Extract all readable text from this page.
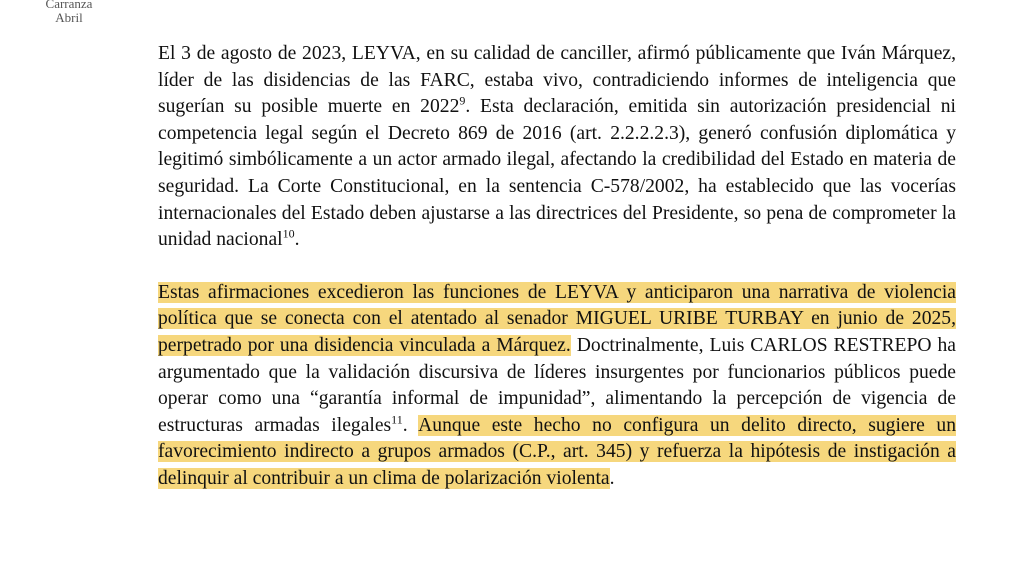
Carranza
Abril

El 3 de agosto de 2023, LEYVA, en su calidad de canciller, afirmó públicamente que Iván Márquez, líder de las disidencias de las FARC, estaba vivo, contradiciendo informes de inteligencia que sugerían su posible muerte en 2022$^9$. Esta declaración, emitida sin autorización presidencial ni competencia legal según el Decreto 869 de 2016 (art. 2.2.2.2.3), generó confusión diplomática y legitimó simbólicamente a un actor armado ilegal, afectando la credibilidad del Estado en materia de seguridad. La Corte Constitucional, en la sentencia C-578/2002, ha establecido que las vocerías internacionales del Estado deben ajustarse a las directrices del Presidente, so pena de comprometer la unidad nacional$^{10}$.

Estas afirmaciones excedieron las funciones de LEYVA y anticiparon una narrativa de violencia política que se conecta con el atentado al senador MIGUEL URIBE TURBAY en junio de 2025, perpetrado por una disidencia vinculada a Márquez. Doctrinalmente, Luis CARLOS RESTREPO ha argumentado que la validación discursiva de líderes insurgentes por funcionarios públicos puede operar como una “garantía informal de impunidad”, alimentando la percepción de vigencia de estructuras armadas ilegales$^{11}$. Aunque este hecho no configura un delito directo, sugiere un favorecimiento indirecto a grupos armados (C.P., art. 345) y refuerza la hipótesis de instigación a delinquir al contribuir a un clima de polarización violenta.
